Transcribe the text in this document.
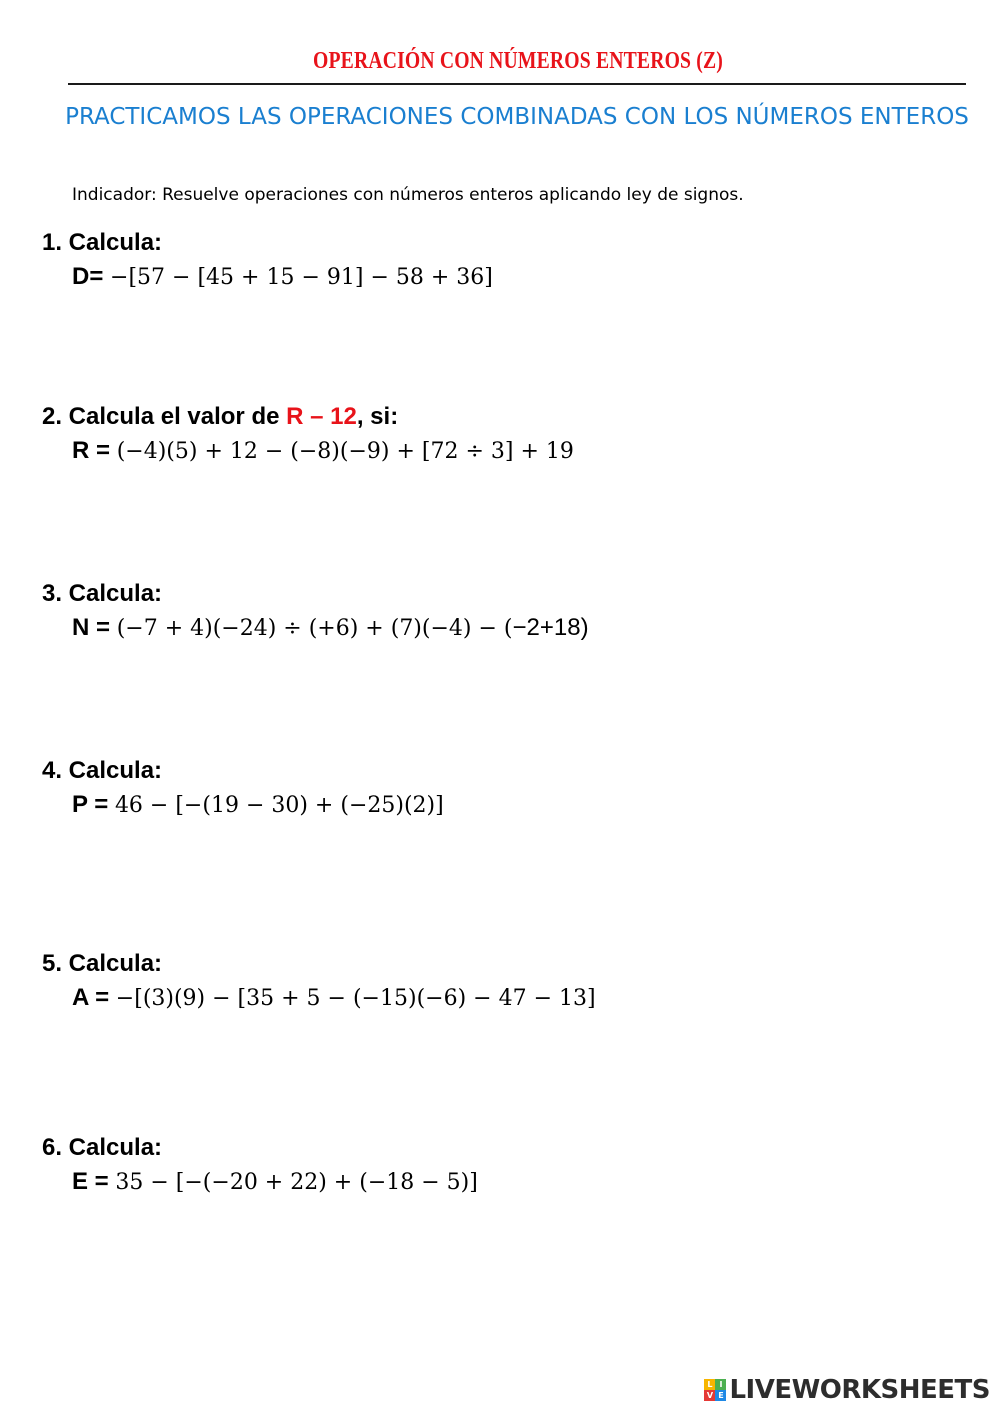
OPERACIÓN CON NÚMEROS ENTEROS (Z)
PRACTICAMOS LAS OPERACIONES COMBINADAS CON LOS NÚMEROS ENTEROS
Indicador: Resuelve operaciones con números enteros aplicando ley de signos.
1. Calcula:
D= −[57 − [45 + 15 − 91] − 58 + 36]
2. Calcula el valor de R – 12, si:
R = (−4)(5) + 12 − (−8)(−9) + [72 ÷ 3] + 19
3. Calcula:
N = (−7 + 4)(−24) ÷ (+6) + (7)(−4) − (−2+18)
4. Calcula:
P = 46 − [−(19 − 30) + (−25)(2)]
5. Calcula:
A = −[(3)(9) − [35 + 5 − (−15)(−6) − 47 − 13]
6. Calcula:
E = 35 − [−(−20 + 22) + (−18 − 5)]
L I
V E LIVEWORKSHEETS
